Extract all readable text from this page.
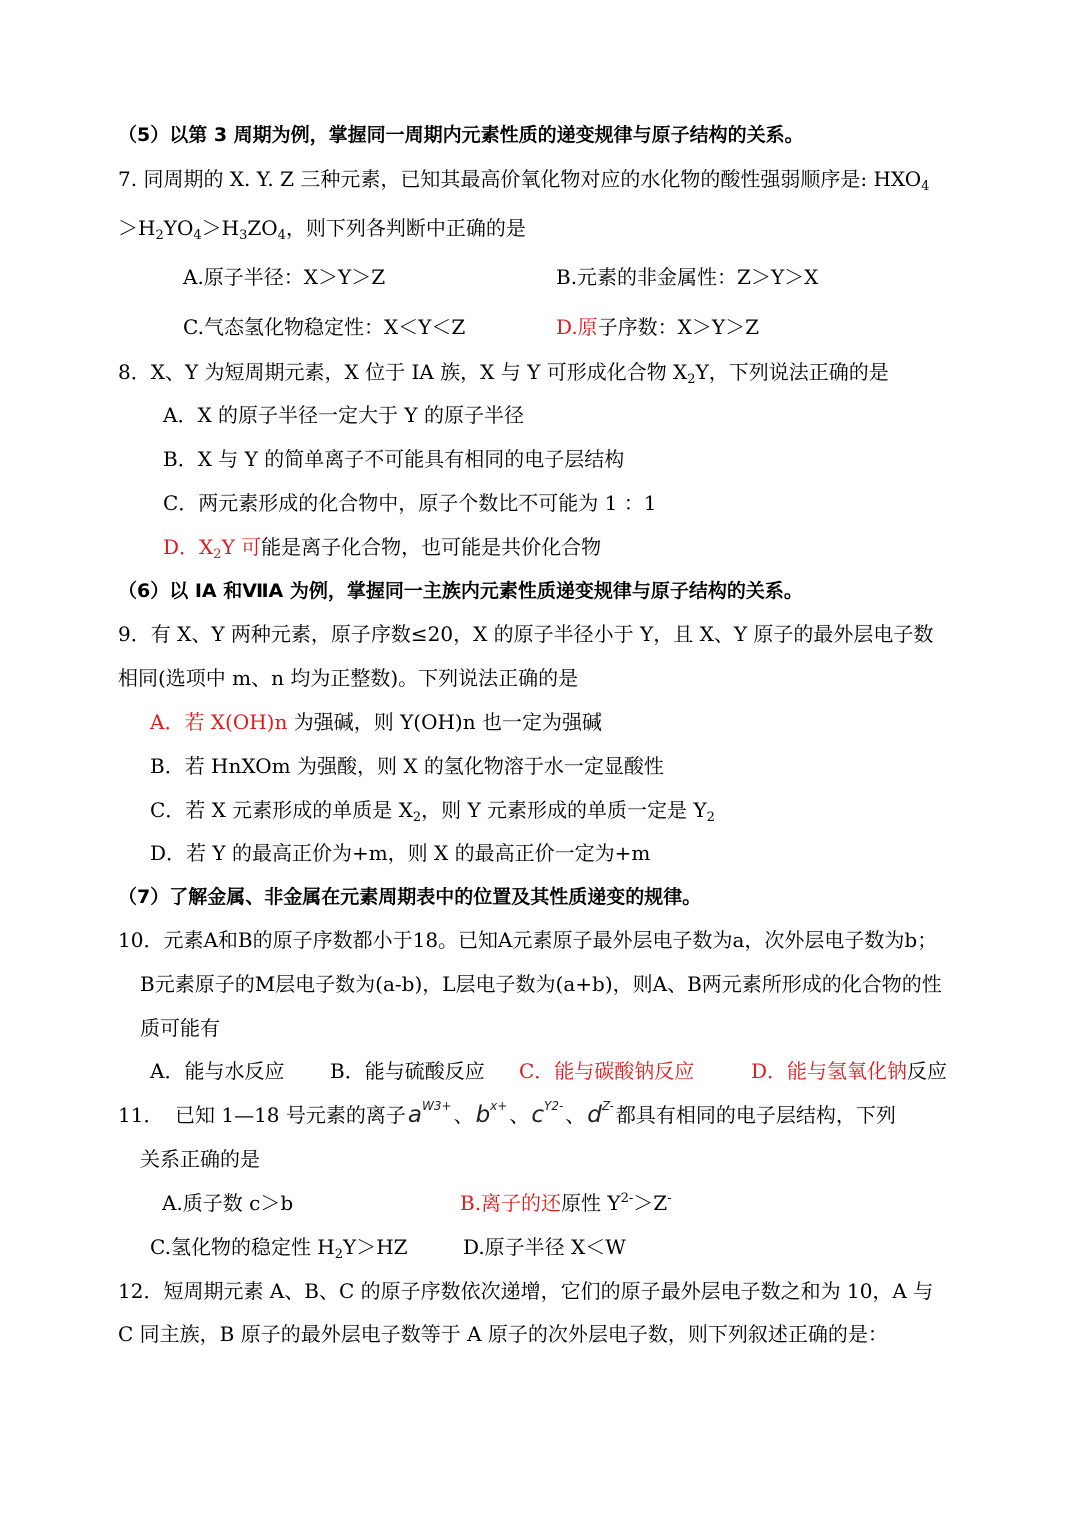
（5）以第 3 周期为例，掌握同一周期内元素性质的递变规律与原子结构的关系。
7. 同周期的 X. Y. Z 三种元素，已知其最高价氧化物对应的水化物的酸性强弱顺序是: $HXO_4$
$>H_2YO_4>H_3ZO_4$，则下列各判断中正确的是
A.原子半径：X＞Y＞Z	B.元素的非金属性：Z＞Y＞X
C.气态氢化物稳定性：X＜Y＜Z	D.原子序数：X＞Y＞Z
8．X、Y 为短周期元素，X 位于 IA 族，X 与 Y 可形成化合物 $X_2Y$，下列说法正确的是
A．X 的原子半径一定大于 Y 的原子半径
B．X 与 Y 的简单离子不可能具有相同的电子层结构
C．两元素形成的化合物中，原子个数比不可能为 1 ：1
D．$X_2Y$ 可能是离子化合物，也可能是共价化合物
（6）以 IA 和ⅦA 为例，掌握同一主族内元素性质递变规律与原子结构的关系。
9．有 X、Y 两种元素，原子序数≤20，X 的原子半径小于 Y，且 X、Y 原子的最外层电子数
相同(选项中 m、n 均为正整数)。下列说法正确的是
A．若 X(OH)n 为强碱，则 Y(OH)n 也一定为强碱
B．若 HnXOm 为强酸，则 X 的氢化物溶于水一定显酸性
C．若 X 元素形成的单质是 $X_2$，则 Y 元素形成的单质一定是 $Y_2$
D．若 Y 的最高正价为+m，则 X 的最高正价一定为+m
（7）了解金属、非金属在元素周期表中的位置及其性质递变的规律。
10．元素A和B的原子序数都小于18。已知A元素原子最外层电子数为a，次外层电子数为b；
B元素原子的M层电子数为(a-b)，L层电子数为(a+b)，则A、B两元素所形成的化合物的性
质可能有
A．能与水反应 B．能与硫酸反应 C．能与碳酸钠反应	D．能与氢氧化钠反应
11． 已知 1—18 号元素的离子$a^{W3+}$ 、$b^{x+}$ 、$c^{Y2-}$ 、$d^{Z-}$ 都具有相同的电子层结构，下列
关系正确的是
A.质子数 c＞b	B.离子的还原性 $Y^{2-}>Z^-$
C.氢化物的稳定性 $H_2Y>HZ$	D.原子半径 X＜W
12．短周期元素 A、B、C 的原子序数依次递增，它们的原子最外层电子数之和为 10，A 与
C 同主族，B 原子的最外层电子数等于 A 原子的次外层电子数，则下列叙述正确的是：
